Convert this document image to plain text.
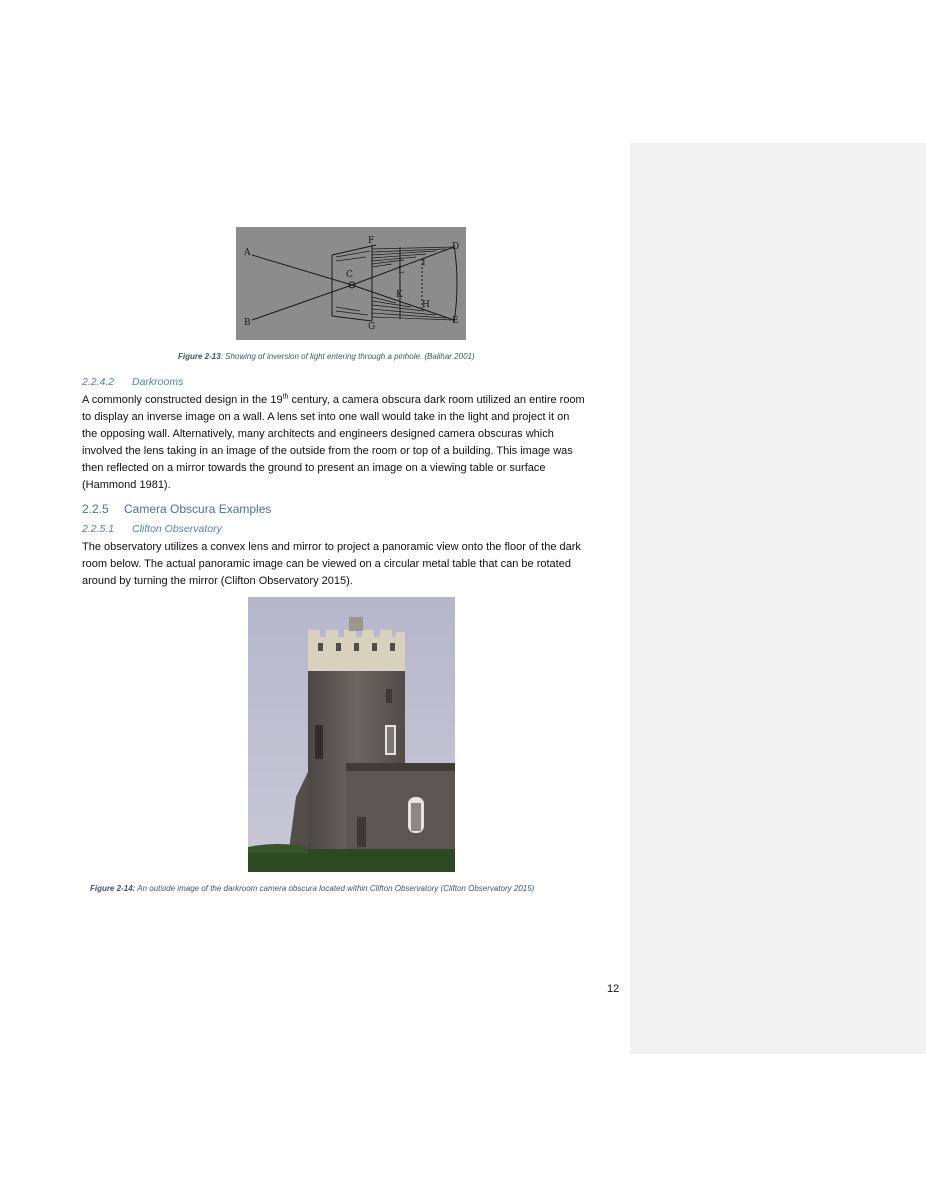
A
B
C
D
E
F
G
H
I
K
L
Figure 2-13: Showing of inversion of light entering through a pinhole. (Balihar 2001)
2.2.4.2 Darkrooms
A commonly constructed design in the 19th century, a camera obscura dark room utilized an entire room
to display an inverse image on a wall. A lens set into one wall would take in the light and project it on
the opposing wall. Alternatively, many architects and engineers designed camera obscuras which
involved the lens taking in an image of the outside from the room or top of a building. This image was
then reflected on a mirror towards the ground to present an image on a viewing table or surface
(Hammond 1981).
2.2.5 Camera Obscura Examples
2.2.5.1 Clifton Observatory
The observatory utilizes a convex lens and mirror to project a panoramic view onto the floor of the dark
room below. The actual panoramic image can be viewed on a circular metal table that can be rotated
around by turning the mirror (Clifton Observatory 2015).
Figure 2-14: An outside image of the darkroom camera obscura located within Clifton Observatory (Clifton Observatory 2015)
12
